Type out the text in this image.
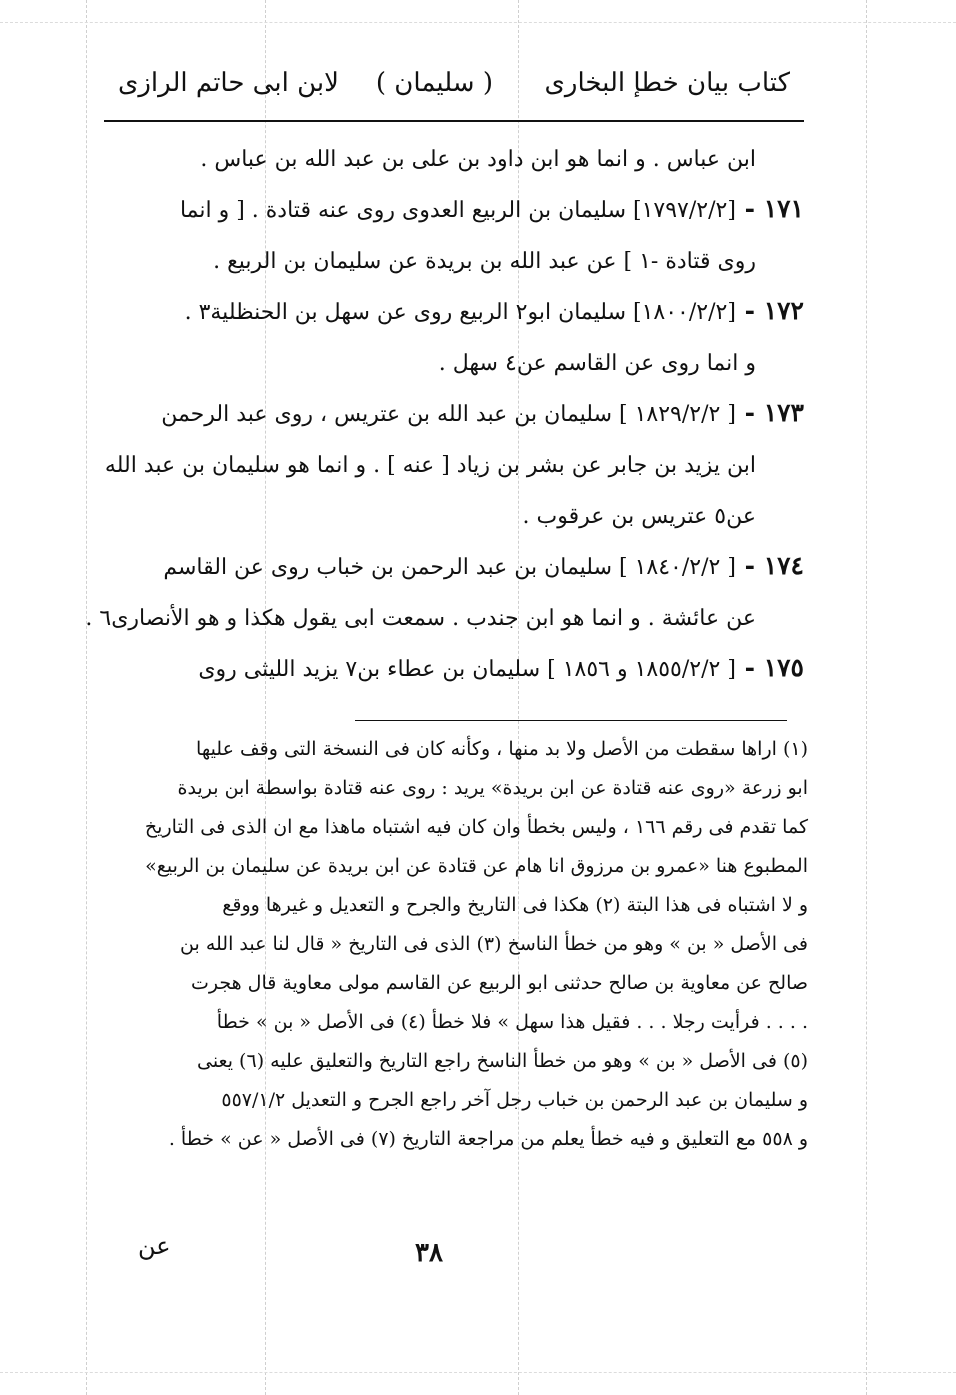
كتاب بيان خطإ البخارى
( سليمان )
لابن ابى حاتم الرازى
ابن عباس . و انما هو ابن داود بن على بن عبد الله بن عباس .
١٧١ - [١٧٩٧/٢/٢] سليمان بن الربيع العدوى روى عنه قتادة . [ و انما
روى قتادة -١ ] عن عبد الله بن بريدة عن سليمان بن الربيع .
١٧٢ - [١٨٠٠/٢/٢] سليمان ابو٢ الربيع روى عن سهل بن الحنظلية٣ .
و انما روى عن القاسم عن٤ سهل .
١٧٣ - [ ١٨٢٩/٢/٢ ] سليمان بن عبد الله بن عتريس ، روى عبد الرحمن
ابن يزيد بن جابر عن بشر بن زياد [ عنه ] . و انما هو سليمان بن عبد الله
عن٥ عتريس بن عرقوب .
١٧٤ - [ ١٨٤٠/٢/٢ ] سليمان بن عبد الرحمن بن خباب روى عن القاسم
عن عائشة . و انما هو ابن جندب . سمعت ابى يقول هكذا و هو الأنصارى٦ .
١٧٥ - [ ١٨٥٥/٢/٢ و ١٨٥٦ ] سليمان بن عطاء بن٧ يزيد الليثى روى
(١) اراها سقطت من الأصل ولا بد منها ، وكأنه كان فى النسخة التى وقف عليها
ابو زرعة «روى عنه قتادة عن ابن بريدة» يريد : روى عنه قتادة بواسطة ابن بريدة
كما تقدم فى رقم ١٦٦ ، وليس بخطأ وان كان فيه اشتباه ماهذا مع ان الذى فى التاريخ
المطبوع هنا «عمرو بن مرزوق انا هام عن قتادة عن ابن بريدة عن سليمان بن الربيع»
و لا اشتباه فى هذا البتة (٢) هكذا فى التاريخ والجرح و التعديل و غيرها ووقع
فى الأصل « بن » وهو من خطأ الناسخ (٣) الذى فى التاريخ « قال لنا عبد الله بن
صالح عن معاوية بن صالح حدثنى ابو الربيع عن القاسم مولى معاوية قال هجرت
. . . . فرأيت رجلا . . . فقيل هذا سهل » فلا خطأ (٤) فى الأصل « بن » خطأ
(٥) فى الأصل « بن » وهو من خطأ الناسخ راجع التاريخ والتعليق عليه (٦) يعنى
و سليمان بن عبد الرحمن بن خباب رجل آخر راجع الجرح و التعديل ٥٥٧/١/٢
و ٥٥٨ مع التعليق و فيه خطأ يعلم من مراجعة التاريخ (٧) فى الأصل « عن » خطأ .
عن	٣٨
